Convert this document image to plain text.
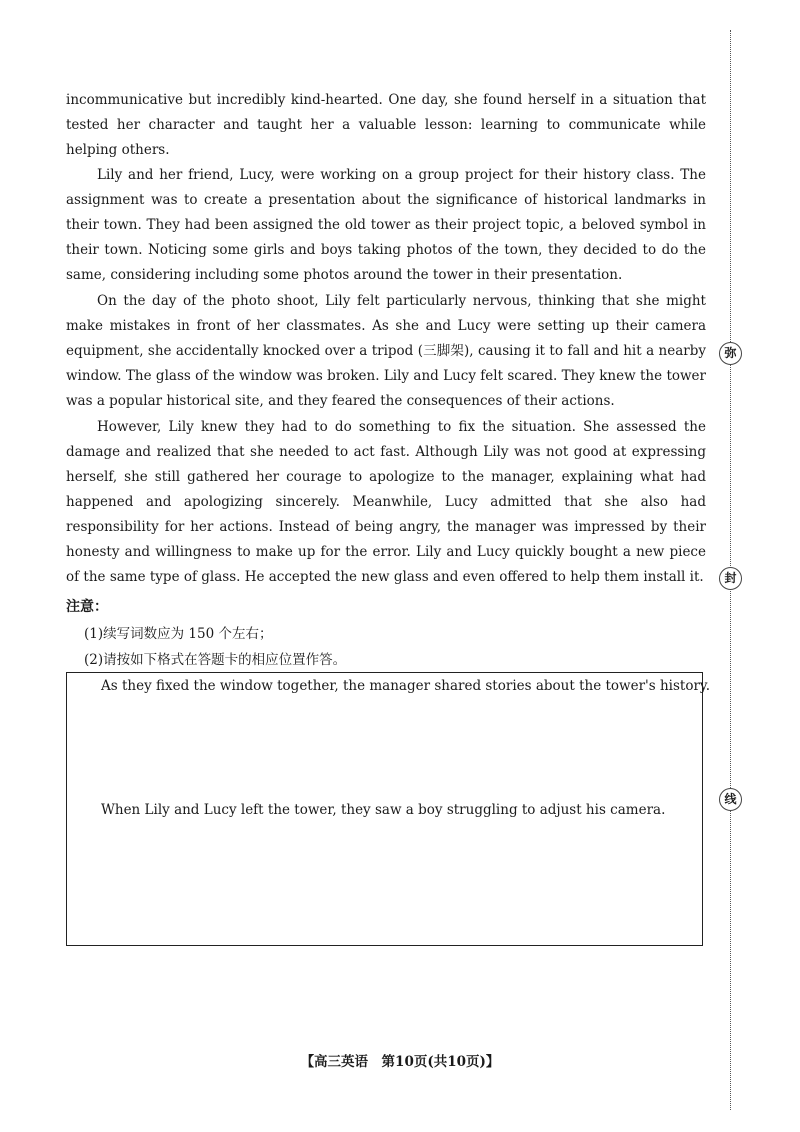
incommunicative but incredibly kind-hearted. One day, she found herself in a situation that tested her character and taught her a valuable lesson: learning to communicate while helping others.

Lily and her friend, Lucy, were working on a group project for their history class. The assignment was to create a presentation about the significance of historical landmarks in their town. They had been assigned the old tower as their project topic, a beloved symbol in their town. Noticing some girls and boys taking photos of the town, they decided to do the same, considering including some photos around the tower in their presentation.

On the day of the photo shoot, Lily felt particularly nervous, thinking that she might make mistakes in front of her classmates. As she and Lucy were setting up their camera equipment, she accidentally knocked over a tripod (三脚架), causing it to fall and hit a nearby window. The glass of the window was broken. Lily and Lucy felt scared. They knew the tower was a popular historical site, and they feared the consequences of their actions.

However, Lily knew they had to do something to fix the situation. She assessed the damage and realized that she needed to act fast. Although Lily was not good at expressing herself, she still gathered her courage to apologize to the manager, explaining what had happened and apologizing sincerely. Meanwhile, Lucy admitted that she also had responsibility for her actions. Instead of being angry, the manager was impressed by their honesty and willingness to make up for the error. Lily and Lucy quickly bought a new piece of the same type of glass. He accepted the new glass and even offered to help them install it.

注意：
(1)续写词数应为 150 个左右；
(2)请按如下格式在答题卡的相应位置作答。
As they fixed the window together, the manager shared stories about the tower's history.
When Lily and Lucy left the tower, they saw a boy struggling to adjust his camera.
【高三英语　第10页(共10页)】
弥
封
线
